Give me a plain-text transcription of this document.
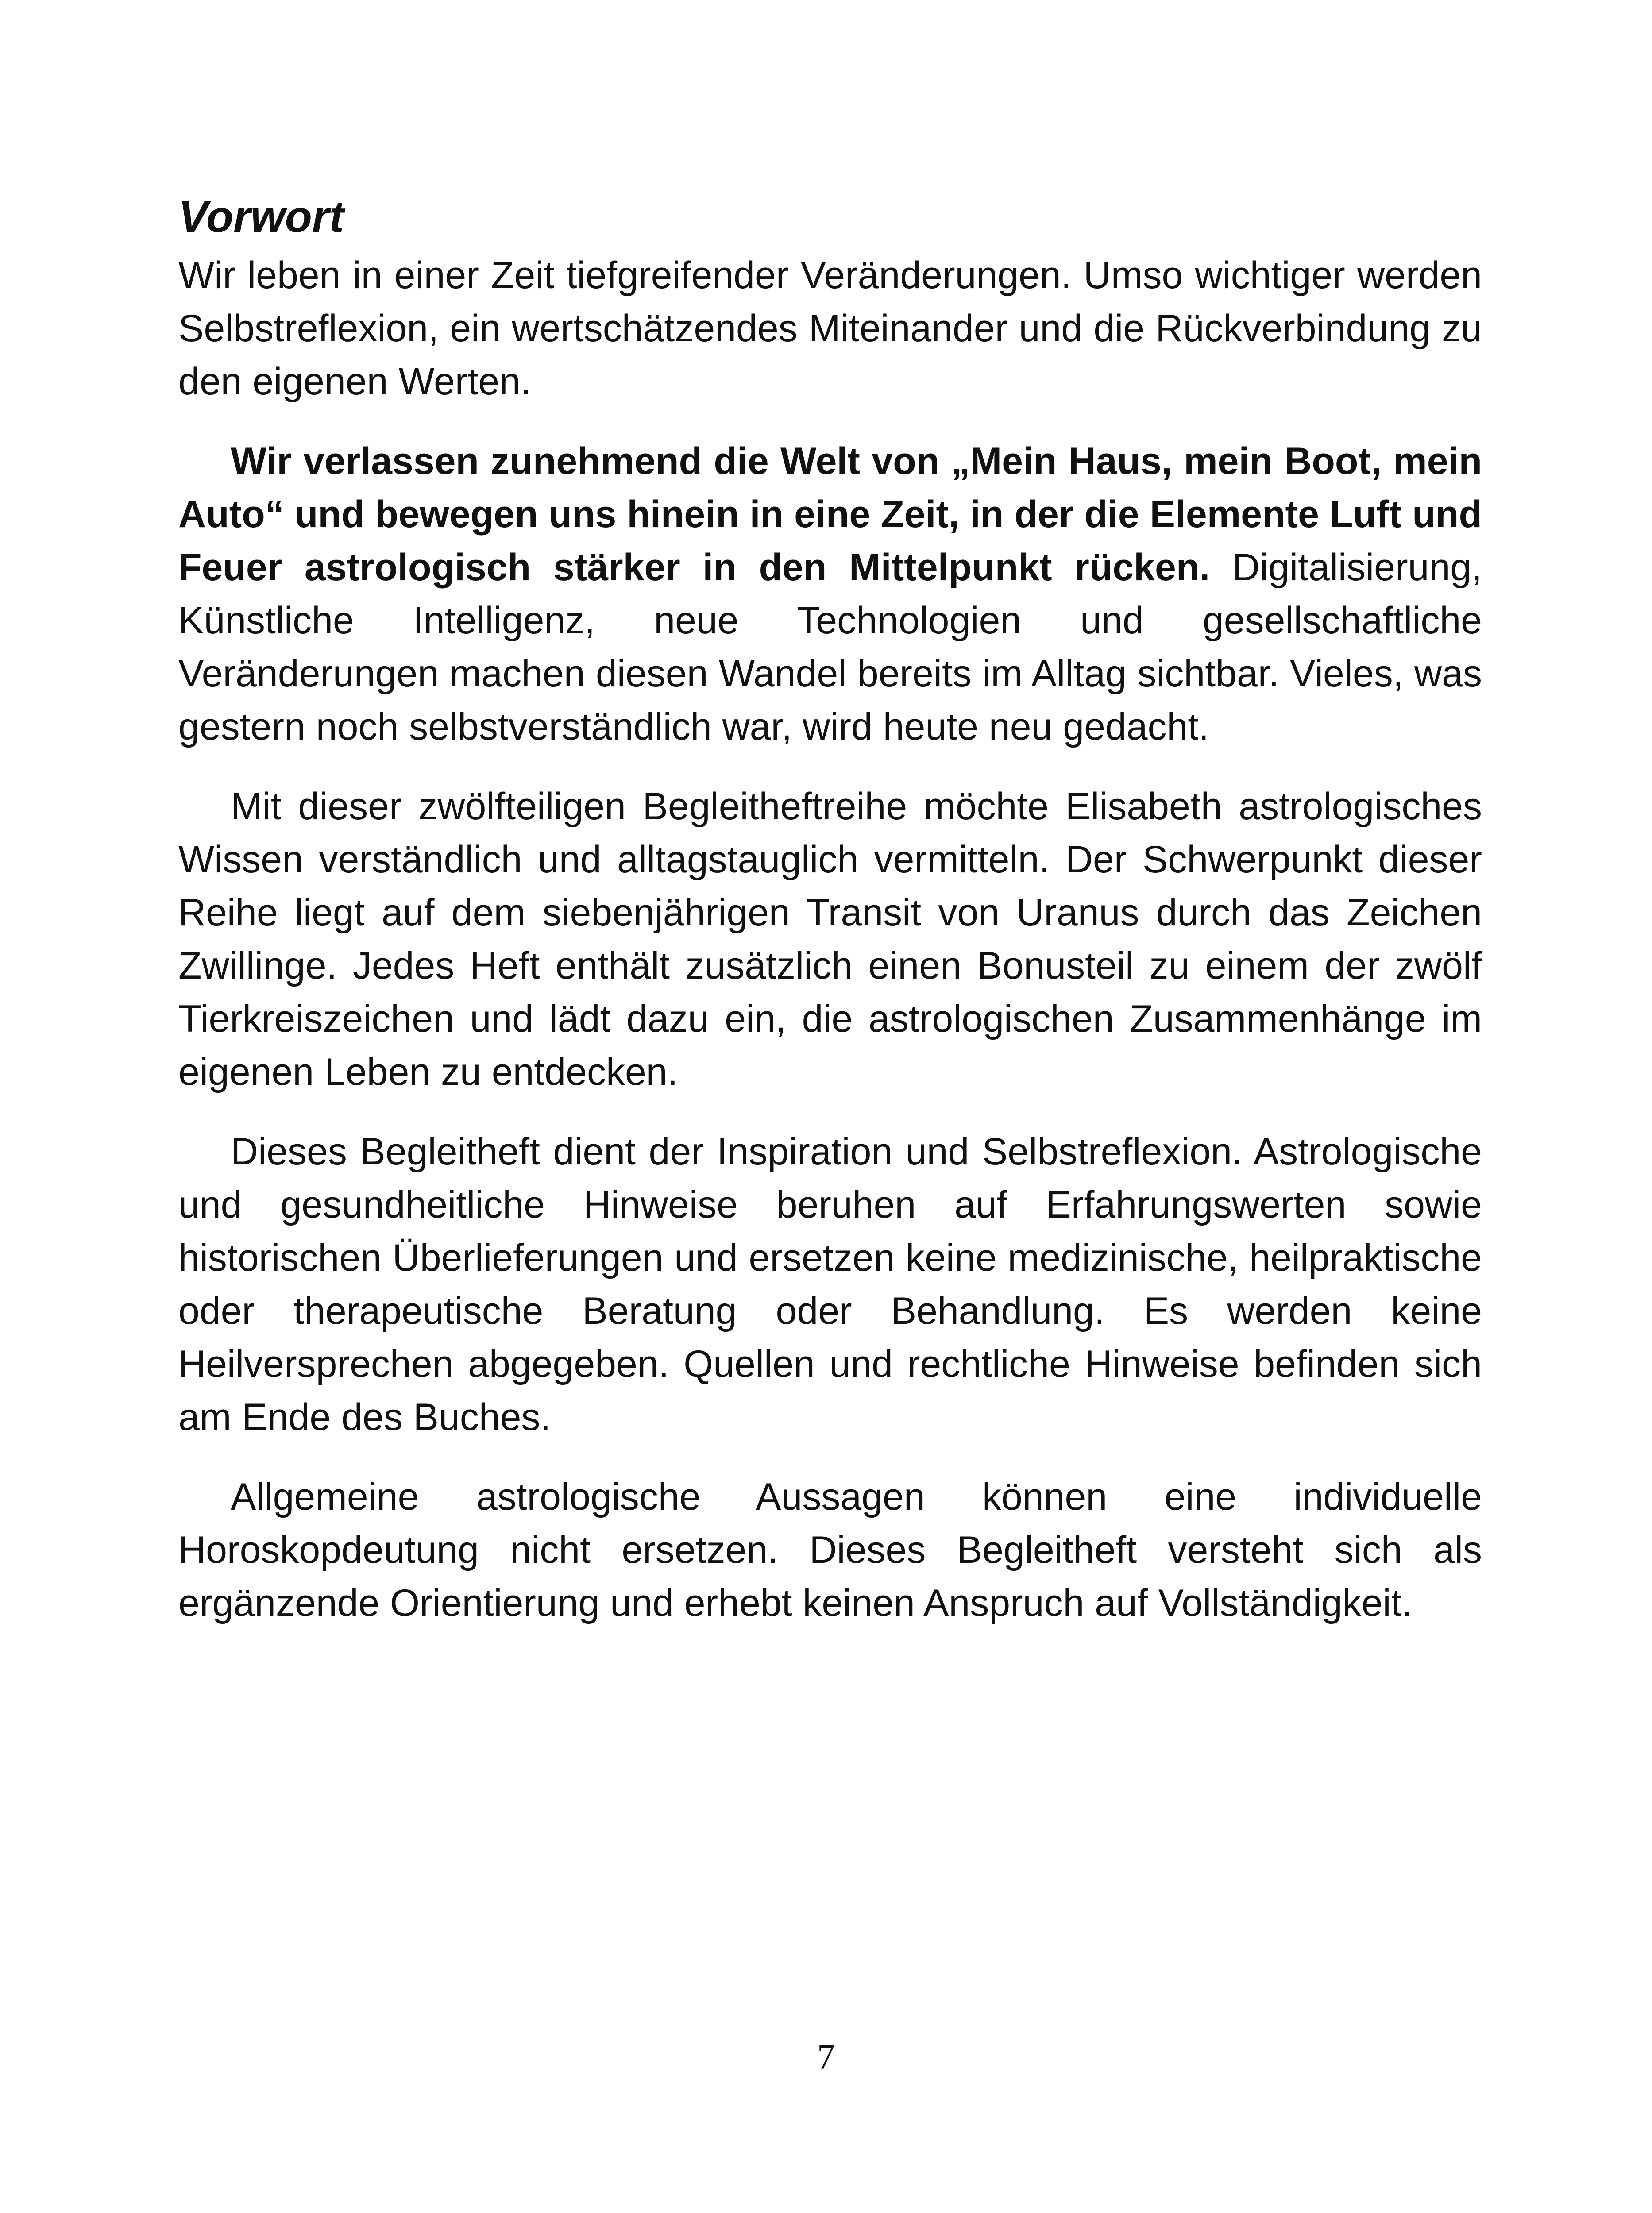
Vorwort

Wir leben in einer Zeit tiefgreifender Veränderungen. Umso wichtiger werden Selbstreflexion, ein wertschätzendes Miteinander und die Rückverbindung zu den eigenen Werten.

Wir verlassen zunehmend die Welt von „Mein Haus, mein Boot, mein Auto“ und bewegen uns hinein in eine Zeit, in der die Elemente Luft und Feuer astrologisch stärker in den Mittelpunkt rücken. Digitalisierung, Künstliche Intelligenz, neue Technologien und gesellschaftliche Veränderungen machen diesen Wandel bereits im Alltag sichtbar. Vieles, was gestern noch selbstverständlich war, wird heute neu gedacht.

Mit dieser zwölfteiligen Begleitheftreihe möchte Elisabeth astrologisches Wissen verständlich und alltagstauglich vermitteln. Der Schwerpunkt dieser Reihe liegt auf dem siebenjährigen Transit von Uranus durch das Zeichen Zwillinge. Jedes Heft enthält zusätzlich einen Bonusteil zu einem der zwölf Tierkreiszeichen und lädt dazu ein, die astrologischen Zusammenhänge im eigenen Leben zu entdecken.

Dieses Begleitheft dient der Inspiration und Selbstreflexion. Astrologische und gesundheitliche Hinweise beruhen auf Erfahrungswerten sowie historischen Überlieferungen und ersetzen keine medizinische, heilpraktische oder therapeutische Beratung oder Behandlung. Es werden keine Heilversprechen abgegeben. Quellen und rechtliche Hinweise befinden sich am Ende des Buches.

Allgemeine astrologische Aussagen können eine individuelle Horoskopdeutung nicht ersetzen. Dieses Begleitheft versteht sich als ergänzende Orientierung und erhebt keinen Anspruch auf Vollständigkeit.

7
